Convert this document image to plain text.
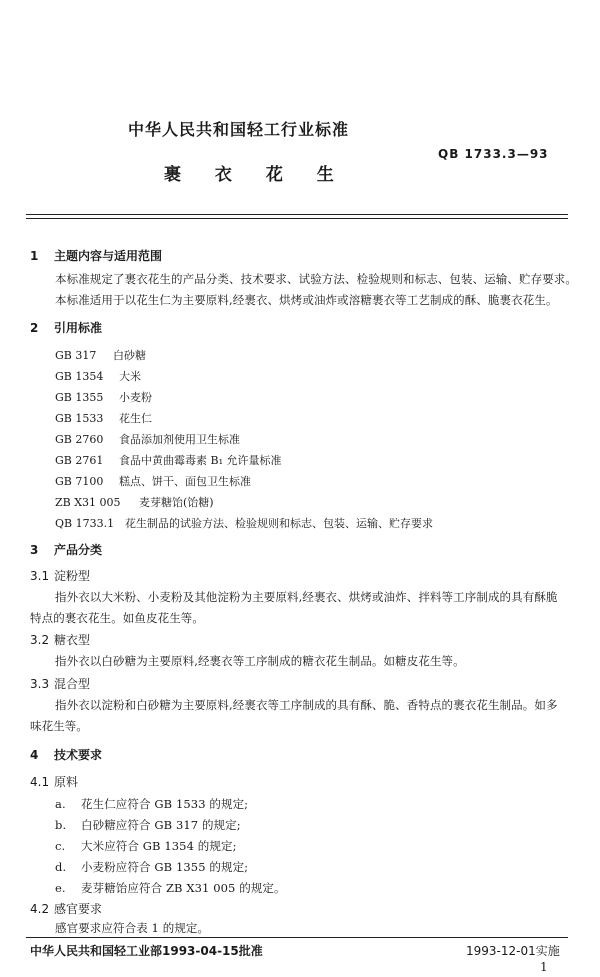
中华人民共和国轻工行业标准
QB 1733.3—93
裹 衣 花 生
1 主题内容与适用范围
本标准规定了裹衣花生的产品分类、技术要求、试验方法、检验规则和标志、包装、运输、贮存要求。
本标准适用于以花生仁为主要原料,经裹衣、烘烤或油炸或溶糖裹衣等工艺制成的酥、脆裹衣花生。
2 引用标准
GB 317 白砂糖
GB 1354 大米
GB 1355 小麦粉
GB 1533 花生仁
GB 2760 食品添加剂使用卫生标准
GB 2761 食品中黄曲霉毒素 B₁ 允许量标准
GB 7100 糕点、饼干、面包卫生标准
ZB X31 005 麦芽糖饴(饴糖)
QB 1733.1 花生制品的试验方法、检验规则和标志、包装、运输、贮存要求
3 产品分类
3.1 淀粉型
指外衣以大米粉、小麦粉及其他淀粉为主要原料,经裹衣、烘烤或油炸、拌料等工序制成的具有酥脆
特点的裹衣花生。如鱼皮花生等。
3.2 糖衣型
指外衣以白砂糖为主要原料,经裹衣等工序制成的糖衣花生制品。如糖皮花生等。
3.3 混合型
指外衣以淀粉和白砂糖为主要原料,经裹衣等工序制成的具有酥、脆、香特点的裹衣花生制品。如多
味花生等。
4 技术要求
4.1 原料
a. 花生仁应符合 GB 1533 的规定;
b. 白砂糖应符合 GB 317 的规定;
c. 大米应符合 GB 1354 的规定;
d. 小麦粉应符合 GB 1355 的规定;
e. 麦芽糖饴应符合 ZB X31 005 的规定。
4.2 感官要求
感官要求应符合表 1 的规定。
中华人民共和国轻工业部1993-04-15批准	1993-12-01实施
1
